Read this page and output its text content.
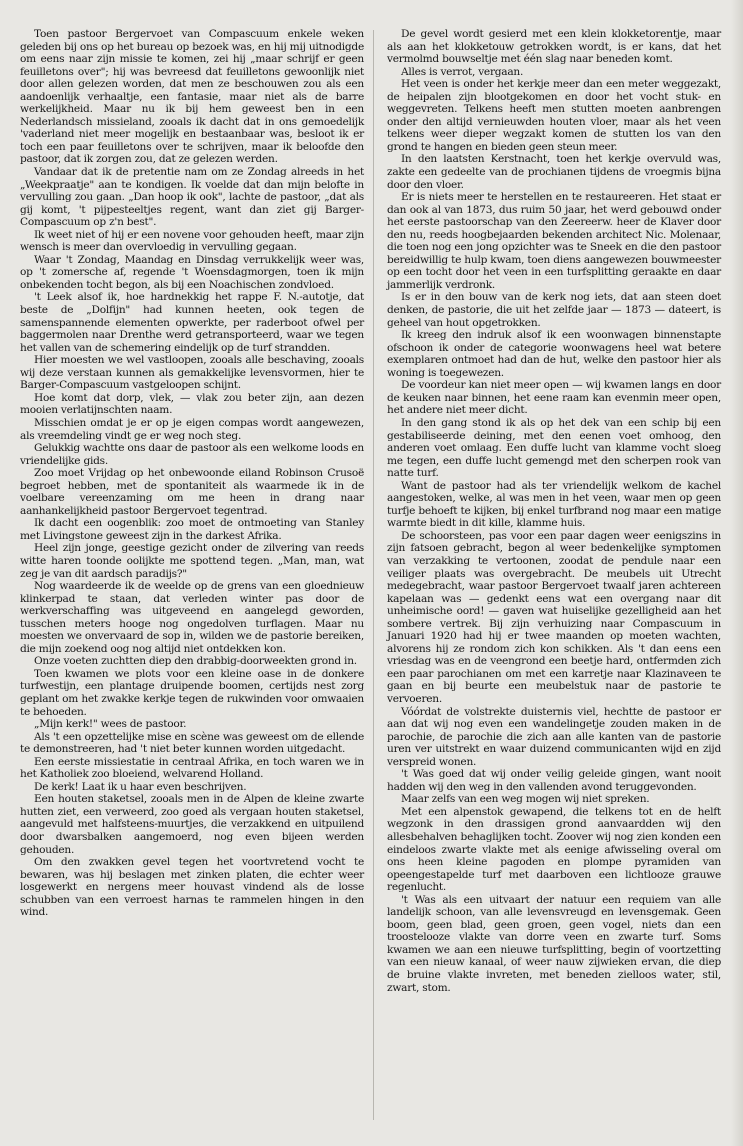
Toen pastoor Bergervoet van Compascuum enkele weken geleden bij ons op het bureau op bezoek was, en hij mij uitnodigde om eens naar zijn missie te komen, zei hij „maar schrijf er geen feuilletons over"; hij was bevreesd dat feuilletons gewoonlijk niet door allen gelezen worden, dat men ze beschouwen zou als een aandoenlijk verhaaltje, een fantasie, maar niet als de barre werkelijkheid. Maar nu ik bij hem geweest ben in een Nederlandsch missieland, zooals ik dacht dat in ons gemoedelijk 'vaderland niet meer mogelijk en bestaanbaar was, besloot ik er toch een paar feuilletons over te schrijven, maar ik beloofde den pastoor, dat ik zorgen zou, dat ze gelezen werden.

Vandaar dat ik de pretentie nam om ze Zondag alreeds in het „Weekpraatje" aan te kondigen. Ik voelde dat dan mijn belofte in vervulling zou gaan. „Dan hoop ik ook", lachte de pastoor, „dat als gij komt, 't pijpesteeltjes regent, want dan ziet gij Barger-Compascuum op z'n best".

Ik weet niet of hij er een novene voor gehouden heeft, maar zijn wensch is meer dan overvloedig in vervulling gegaan.

Waar 't Zondag, Maandag en Dinsdag verrukkelijk weer was, op 't zomersche af, regende 't Woensdagmorgen, toen ik mijn onbekenden tocht begon, als bij een Noachischen zondvloed.

't Leek alsof ik, hoe hardnekkig het rappe F. N.-autotje, dat beste de „Dolfijn" had kunnen heeten, ook tegen de samenspannende elementen opwerkte, per raderboot ofwel per baggermolen naar Drenthe werd getransporteerd, waar we tegen het vallen van de schemering eindelijk op de turf strandden.

Hier moesten we wel vastloopen, zooals alle beschaving, zooals wij deze verstaan kunnen als gemakkelijke levensvormen, hier te Barger-Compascuum vastgeloopen schijnt.

Hoe komt dat dorp, vlek, — vlak zou beter zijn, aan dezen mooien verlatijnschten naam.

Misschien omdat je er op je eigen compas wordt aangewezen, als vreemdeling vindt ge er weg noch steg.

Gelukkig wachtte ons daar de pastoor als een welkome loods en vriendelijke gids.

Zoo moet Vrijdag op het onbewoonde eiland Robinson Crusoë begroet hebben, met de spontaniteit als waarmede ik in de voelbare verеenzaming om me heen in drang naar aanhankelijkheid pastoor Bergervoet tegentrad.

Ik dacht een oogenblik: zoo moet de ontmoeting van Stanley met Livingstone geweest zijn in the darkest Afrika.

Heel zijn jonge, geestige gezicht onder de zilvering van reeds witte haren toonde oolijkte me spottend tegen. „Man, man, wat zeg je van dit aardsch paradijs?"

Nog waardeerde ik de weelde op de grens van een gloednieuw klinkerpad te staan, dat verleden winter pas door de werkverschaffing was uitgeveend en aangelegd geworden, tusschen meters hooge nog ongedolven turflagen. Maar nu moesten we onvervaard de sop in, wilden we de pastorie bereiken, die mijn zoekend oog nog altijd niet ontdekken kon.

Onze voeten zuchtten diep den drabbig-doorweekten grond in.

Toen kwamen we plots voor een kleine oase in de donkere turfwestijn, een plantage druipende boomen, certijds nest zorg geplant om het zwakke kerkje tegen de rukwinden voor omwaaien te behoeden.

„Mijn kerk!" wees de pastoor.

Als 't een opzettelijke mise en scène was geweest om de ellende te demonstreeren, had 't niet beter kunnen worden uitgedacht.

Een eerste missiestatie in centraal Afrika, en toch waren we in het Katholiek zoo bloeiend, welvarend Holland.

De kerk! Laat ik u haar even beschrijven.

Een houten staketsel, zooals men in de Alpen de kleine zwarte hutten ziet, een verweerd, zoo goed als vergaan houten staketsel, aangevuld met halfsteens-muurtjes, die verzakkend en uitpuilend door dwarsbalken aangemoerd, nog even bijeen werden gehouden.

Om den zwakken gevel tegen het voortvretend vocht te bewaren, was hij beslagen met zinken platen, die echter weer losgewerkt en nergens meer houvast vindend als de losse schubben van een verroest harnas te rammelen hingen in den wind.

De gevel wordt gesierd met een klein klokketorentje, maar als aan het klokketouw getrokken wordt, is er kans, dat het vermolmd bouwseltje met één slag naar beneden komt.

Alles is verrot, vergaan.

Het veen is onder het kerkje meer dan een meter weggezakt, de heipalen zijn blootgekomen en door het vocht stuk- en weggevreten. Telkens heeft men stutten moeten aanbrengen onder den altijd vernieuwden houten vloer, maar als het veen telkens weer dieper wegzakt komen de stutten los van den grond te hangen en bieden geen steun meer.

In den laatsten Kerstnacht, toen het kerkje overvuld was, zakte een gedeelte van de prochianen tijdens de vroegmis bijna door den vloer.

Er is niets meer te herstellen en te restaureeren. Het staat er dan ook al van 1873, dus ruim 50 jaar, het werd gebouwd onder het eerste pastoorschap van den Zeereerw. heer de Klaver door den nu, reeds hoogbejaarden bekenden architect Nic. Molenaar, die toen nog een jong opzichter was te Sneek en die den pastoor bereidwillig te hulp kwam, toen diens aangewezen bouwmeester op een tocht door het veen in een turfsplitting geraakte en daar jammerlijk verdronk.

Is er in den bouw van de kerk nog iets, dat aan steen doet denken, de pastorie, die uit het zelfde jaar — 1873 — dateert, is geheel van hout opgetrokken.

Ik kreeg den indruk alsof ik een woonwagen binnenstapte ofschoon ik onder de categorie woonwagens heel wat betere exemplaren ontmoet had dan de hut, welke den pastoor hier als woning is toegewezen.

De voordeur kan niet meer open — wij kwamen langs en door de keuken naar binnen, het eene raam kan evenmin meer open, het andere niet meer dicht.

In den gang stond ik als op het dek van een schip bij een gestabiliseerde deining, met den eenen voet omhoog, den anderen voet omlaag. Een duffe lucht van klamme vocht sloeg me tegen, een duffe lucht gemengd met den scherpen rook van natte turf.

Want de pastoor had als ter vriendelijk welkom de kachel aangestoken, welke, al was men in het veen, waar men op geen turfje behoeft te kijken, bij enkel turfbrand nog maar een matige warmte biedt in dit kille, klamme huis.

De schoorsteen, pas voor een paar dagen weer eenigszins in zijn fatsoen gebracht, begon al weer bedenkelijke symptomen van verzakking te vertoonen, zoodat de pendule naar een veiliger plaats was overgebracht. De meubels uit Utrecht medegebracht, waar pastoor Bergervoet twaalf jaren achtereen kapelaan was — gedenkt eens wat een overgang naar dit unheimische oord! — gaven wat huiselijke gezelligheid aan het sombere vertrek. Bij zijn verhuizing naar Compascuum in Januari 1920 had hij er twee maanden op moeten wachten, alvorens hij ze rondom zich kon schikken. Als 't dan eens een vriesdag was en de veengrond een beetje hard, ontfermden zich een paar parochianen om met een karretje naar Klazinaveen te gaan en bij beurte een meubelstuk naar de pastorie te vervoeren.

Vóórdat de volstrekte duisternis viel, hechtte de pastoor er aan dat wij nog even een wandelingetje zouden maken in de parochie, de parochie die zich aan alle kanten van de pastorie uren ver uitstrekt en waar duizend communicanten wijd en zijd verspreid wonen.

't Was goed dat wij onder veilig geleide gingen, want nooit hadden wij den weg in den vallenden avond teruggevonden.

Maar zelfs van een weg mogen wij niet spreken.

Met een alpenstok gewapend, die telkens tot en de helft wegzonk in den drassigen grond aanvaardden wij den allesbehalven behaglijken tocht. Zoover wij nog zien konden een eindeloos zwarte vlakte met als eenige afwisseling overal om ons heen kleine pagoden en plompe pyramiden van opeengestapelde turf met daarboven een lichtlooze grauwe regenlucht.

't Was als een uitvaart der natuur een requiem van alle landelijk schoon, van alle levensvreugd en levensgemak. Geen boom, geen blad, geen groen, geen vogel, niets dan een troostelooze vlakte van dorre veen en zwarte turf. Soms kwamen we aan een nieuwe turfsplitting, begin of voortzetting van een nieuw kanaal, of weer nauw zijwieken ervan, die diep de bruine vlakte invreten, met beneden zielloos water, stil, zwart, stom.
